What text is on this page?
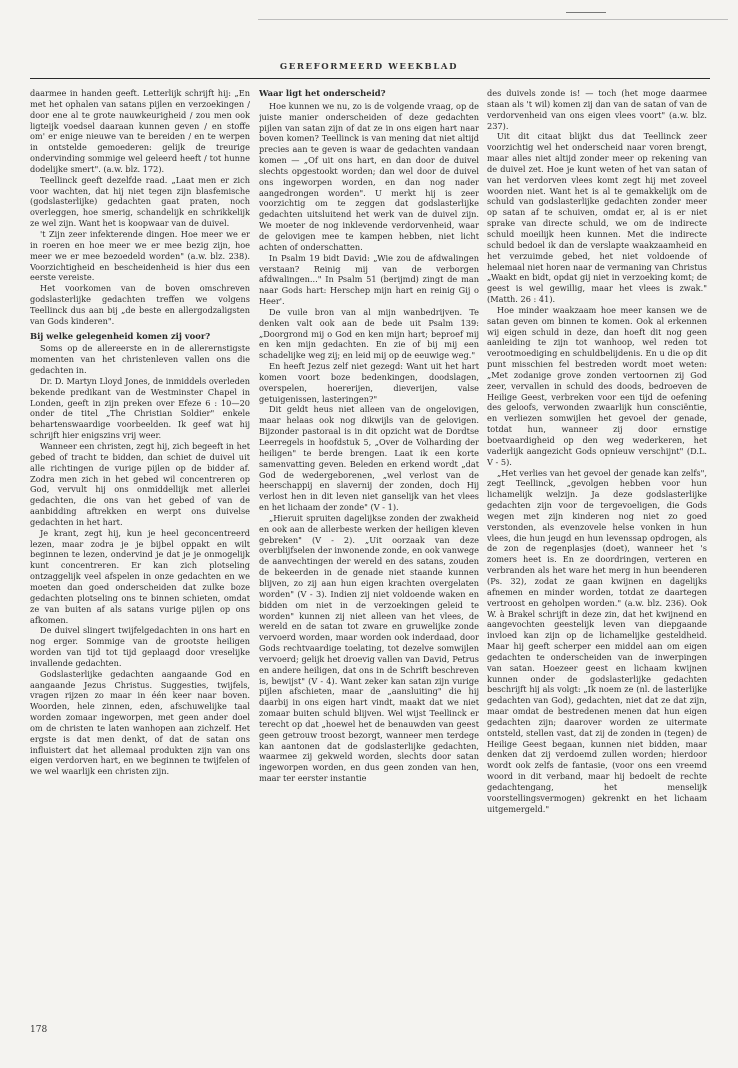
GEREFORMEERD WEEKBLAD

daarmee in handen geeft. Letterlijk schrijft hij: „En met het ophalen van satans pijlen en verzoekingen / door ene al te grote nauwkeurigheid / zou men ook ligteijk voedsel daaraan kunnen geven / en stoffe om' er enige nieuwe van te bereiden / en te werpen in ontstelde gemoederen: gelijk de treurige ondervinding sommige wel geleerd heeft / tot hunne dodelijke smert". (a.w. blz. 172).

Teellinck geeft dezelfde raad. „Laat men er zich voor wachten, dat hij niet tegen zijn blasfemische (godslasterlijke) gedachten gaat praten, noch overleggen, hoe smerig, schandelijk en schrikkelijk ze wel zijn. Want het is koopwaar van de duivel.

't Zijn zeer infekterende dingen. Hoe meer we er in roeren en hoe meer we er mee bezig zijn, hoe meer we er mee bezoedeld worden" (a.w. blz. 238). Voorzichtigheid en bescheidenheid is hier dus een eerste vereiste.

Het voorkomen van de boven omschreven godslasterlijke gedachten treffen we volgens Teellinck dus aan bij „de beste en allergodzaligsten van Gods kinderen".

Bij welke gelegenheid komen zij voor?

Soms op de allereerste en in de allerernstigste momenten van het christenleven vallen ons die gedachten in.

Dr. D. Martyn Lloyd Jones, de inmiddels overleden bekende predikant van de Westminster Chapel in Londen, geeft in zijn preken over Efeze 6 : 10—20 onder de titel „The Christian Soldier" enkele behartenswaardige voorbeelden. Ik geef wat hij schrijft hier enigszins vrij weer.

Wanneer een christen, zegt hij, zich begeeft in het gebed of tracht te bidden, dan schiet de duivel uit alle richtingen de vurige pijlen op de bidder af. Zodra men zich in het gebed wil concentreren op God, vervult hij ons onmiddellijk met allerlei gedachten, die ons van het gebed of van de aanbidding aftrekken en werpt ons duivelse gedachten in het hart.

Je krant, zegt hij, kun je heel geconcentreerd lezen, maar zodra je je bijbel oppakt en wilt beginnen te lezen, ondervind je dat je je onmogelijk kunt concentreren. Er kan zich plotseling ontzaggelijk veel afspelen in onze gedachten en we moeten dan goed onderscheiden dat zulke boze gedachten plotseling ons te binnen schieten, omdat ze van buiten af als satans vurige pijlen op ons afkomen.

De duivel slingert twijfelgedachten in ons hart en nog erger. Sommige van de grootste heiligen worden van tijd tot tijd geplaagd door vreselijke invallende gedachten.

Godslasterlijke gedachten aangaande God en aangaande Jezus Christus. Suggesties, twijfels, vragen rijzen zo maar in één keer naar boven. Woorden, hele zinnen, eden, afschuwelijke taal worden zomaar ingeworpen, met geen ander doel om de christen te laten wanhopen aan zichzelf. Het ergste is dat men denkt, of dat de satan ons influistert dat het allemaal produkten zijn van ons eigen verdorven hart, en we beginnen te twijfelen of we wel waarlijk een christen zijn.

Waar ligt het onderscheid?

Hoe kunnen we nu, zo is de volgende vraag, op de juiste manier onderscheiden of deze gedachten pijlen van satan zijn of dat ze in ons eigen hart naar boven komen? Teellinck is van mening dat niet altijd precies aan te geven is waar de gedachten vandaan komen — „Of uit ons hart, en dan door de duivel slechts opgestookt worden; dan wel door de duivel ons ingeworpen worden, en dan nog nader aangedrongen worden". U merkt hij is zeer voorzichtig om te zeggen dat godslasterlijke gedachten uitsluitend het werk van de duivel zijn. We moeter de nog inklevende verdorvenheid, waar de gelovigen mee te kampen hebben, niet licht achten of onderschatten.

In Psalm 19 bidt David: „Wie zou de afdwalingen verstaan? Reinig mij van de verborgen afdwalingen..." In Psalm 51 (berijmd) zingt de man naar Gods hart: Herschep mijn hart en reinig Gij o Heer'.

De vuile bron van al mijn wanbedrijven. Te denken valt ook aan de bede uit Psalm 139: „Doorgrond mij o God en ken mijn hart; beproef mij en ken mijn gedachten. En zie of bij mij een schadelijke weg zij; en leid mij op de eeuwige weg."

En heeft Jezus zelf niet gezegd: Want uit het hart komen voort boze bedenkingen, doodslagen, overspelen, hoererijen, dieverijen, valse getuigenissen, lasteringen?"

Dit geldt heus niet alleen van de ongelovigen, maar helaas ook nog dikwijls van de gelovigen. Bijzonder pastoraal is in dit opzicht wat de Dordtse Leerregels in hoofdstuk 5, „Over de Volharding der heiligen" te berde brengen. Laat ik een korte samenvatting geven. Beleden en erkend wordt „dat God de wedergeborenen, „wel verlost van de heerschappij en slavernij der zonden, doch Hij verlost hen in dit leven niet ganselijk van het vlees en het lichaam der zonde" (V - 1).

„Hieruit spruiten dagelijkse zonden der zwakheid en ook aan de allerbeste werken der heiligen kleven gebreken" (V - 2). „Uit oorzaak van deze overblijfselen der inwonende zonde, en ook vanwege de aanvechtingen der wereld en des satans, zouden de bekeerden in de genade niet staande kunnen blijven, zo zij aan hun eigen krachten overgelaten worden" (V - 3). Indien zij niet voldoende waken en bidden om niet in de verzoekingen geleid te worden" kunnen zij niet alleen van het vlees, de wereld en de satan tot zware en gruwelijke zonde vervoerd worden, maar worden ook inderdaad, door Gods rechtvaardige toelating, tot dezelve somwijlen vervoerd; gelijk het droevig vallen van David, Petrus en andere heiligen, dat ons in de Schrift beschreven is, bewijst" (V - 4). Want zeker kan satan zijn vurige pijlen afschieten, maar de „aansluiting" die hij daarbij in ons eigen hart vindt, maakt dat we niet zomaar buiten schuld blijven. Wel wijst Teellinck er terecht op dat „hoewel het de benauwden van geest geen getrouw troost bezorgt, wanneer men terdege kan aantonen dat de godslasterlijke gedachten, waarmee zij gekweld worden, slechts door satan ingeworpen worden, en dus geen zonden van hen, maar ter eerster instantie

des duivels zonde is! — toch (het moge daarmee staan als 't wil) komen zij dan van de satan of van de verdorvenheid van ons eigen vlees voort" (a.w. blz. 237).

Uit dit citaat blijkt dus dat Teellinck zeer voorzichtig wel het onderscheid naar voren brengt, maar alles niet altijd zonder meer op rekening van de duivel zet. Hoe je kunt weten of het van satan of van het verdorven vlees komt zegt hij met zoveel woorden niet. Want het is al te gemakkelijk om de schuld van godslasterlijke gedachten zonder meer op satan af te schuiven, omdat er, al is er niet sprake van directe schuld, we om de indirecte schuld moeilijk heen kunnen. Met die indirecte schuld bedoel ik dan de verslapte waakzaamheid en het verzuimde gebed, het niet voldoende of helemaal niet horen naar de vermaning van Christus „Waakt en bidt, opdat gij niet in verzoeking komt; de geest is wel gewillig, maar het vlees is zwak." (Matth. 26 : 41).

Hoe minder waakzaam hoe meer kansen we de satan geven om binnen te komen. Ook al erkennen wij eigen schuld in deze, dan hoeft dit nog geen aanleiding te zijn tot wanhoop, wel reden tot verootmoediging en schuldbelijdenis. En u die op dit punt misschien fel bestreden wordt moet weten: „Met zodanige grove zonden vertoornen zij God zeer, vervallen in schuld des doods, bedroeven de Heilige Geest, verbreken voor een tijd de oefening des geloofs, verwonden zwaarlijk hun consciëntie, en verliezen somwijlen het gevoel der genade, totdat hun, wanneer zij door ernstige boetvaardigheid op den weg wederkeren, het vaderlijk aangezicht Gods opnieuw verschijnt" (D.L. V - 5).

„Het verlies van het gevoel der genade kan zelfs", zegt Teellinck, „gevolgen hebben voor hun lichamelijk welzijn. Ja deze godslasterlijke gedachten zijn voor de tergevoeligen, die Gods wegen met zijn kinderen nog niet zo goed verstonden, als evenzovele helse vonken in hun vlees, die hun jeugd en hun levenssap opdrogen, als de zon de regenplasjes (doet), wanneer het 's zomers heet is. En ze doordringen, verteren en verbranden als het ware het merg in hun beenderen (Ps. 32), zodat ze gaan kwijnen en dagelijks afnemen en minder worden, totdat ze daartegen vertroost en geholpen worden." (a.w. blz. 236). Ook W. à Brakel schrijft in deze zin, dat het kwijnend en aangevochten geestelijk leven van diepgaande invloed kan zijn op de lichamelijke gesteldheid. Maar hij geeft scherper een middel aan om eigen gedachten te onderscheiden van de inwerpingen van satan. Hoezeer geest en lichaam kwijnen kunnen onder de godslasterlijke gedachten beschrijft hij als volgt: „Ik noem ze (nl. de lasterlijke gedachten van God), gedachten, niet dat ze dat zijn, maar omdat de bestredenen menen dat hun eigen gedachten zijn; daarover worden ze uitermate ontsteld, stellen vast, dat zij de zonden in (tegen) de Heilige Geest begaan, kunnen niet bidden, maar denken dat zij verdoemd zullen worden; hierdoor wordt ook zelfs de fantasie, (voor ons een vreemd woord in dit verband, maar hij bedoelt de rechte gedachtengang, het menselijk voorstellingsvermogen) gekrenkt en het lichaam uitgemergeld."

178
